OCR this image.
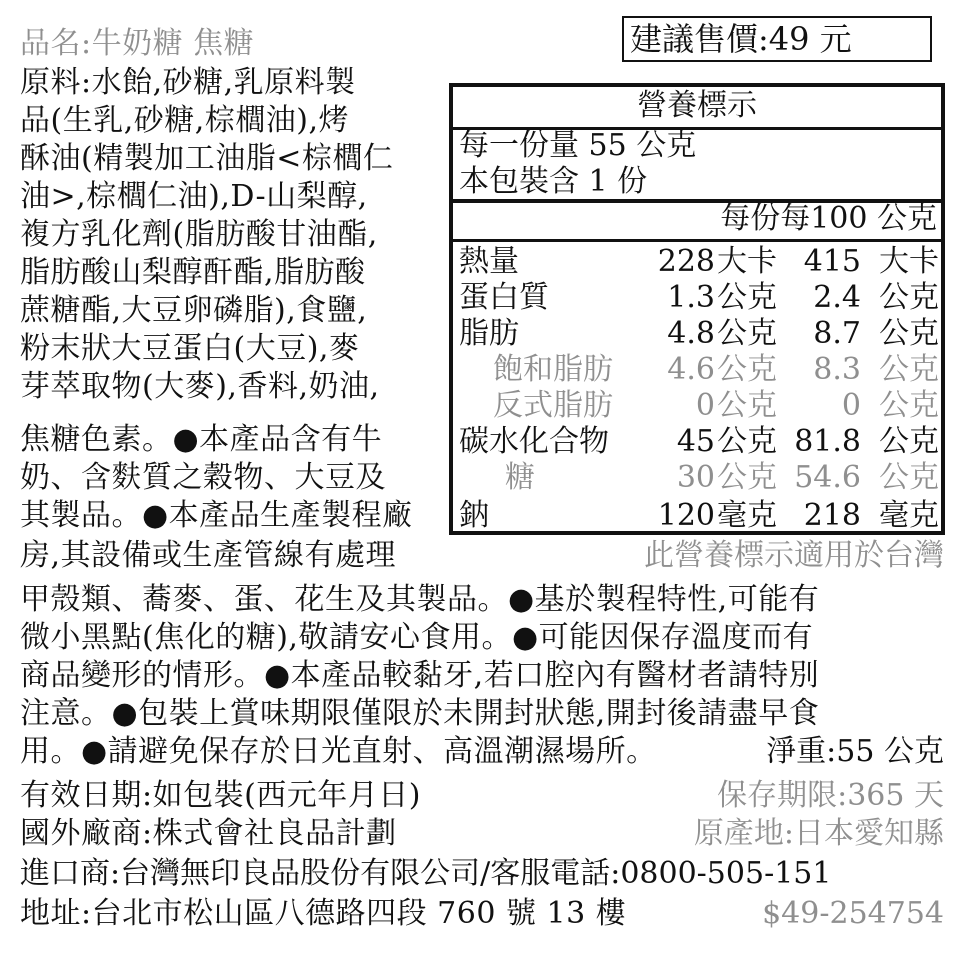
品名:牛奶糖 焦糖	建議售價:49 元
原料:水飴,砂糖,乳原料製
品(生乳,砂糖,棕櫚油),烤
酥油(精製加工油脂<棕櫚仁
油>,棕櫚仁油),D-山梨醇,
複方乳化劑(脂肪酸甘油酯,
脂肪酸山梨醇酐酯,脂肪酸
蔗糖酯,大豆卵磷脂),食鹽,
粉末狀大豆蛋白(大豆),麥
芽萃取物(大麥),香料,奶油,
焦糖色素。●本產品含有牛
奶、含麩質之穀物、大豆及
其製品。●本產品生產製程廠
營養標示
每一份量 55 公克
本包裝含 1 份
每份每100 公克
熱量	228 大卡 415 大卡
蛋白質	1.3 公克 2.4 公克
脂肪	4.8 公克 8.7 公克
飽和脂肪 4.6 公克 8.3 公克
反式脂肪	0 公克 0 公克
碳水化合物 45 公克 81.8 公克
糖	30 公克 54.6 公克
鈉	120 毫克 218 毫克
房,其設備或生產管線有處理	此營養標示適用於台灣
甲殼類、蕎麥、蛋、花生及其製品。●基於製程特性,可能有
微小黑點(焦化的糖),敬請安心食用。●可能因保存溫度而有
商品變形的情形。●本產品較黏牙,若口腔內有醫材者請特別
注意。●包裝上賞味期限僅限於未開封狀態,開封後請盡早食
用。●請避免保存於日光直射、高溫潮濕場所。	淨重:55 公克
有效日期:如包裝(西元年月日)	保存期限:365 天
國外廠商:株式會社良品計劃	原產地:日本愛知縣
進口商:台灣無印良品股份有限公司/客服電話:0800-505-151
地址:台北市松山區八德路四段 760 號 13 樓	$49-254754
